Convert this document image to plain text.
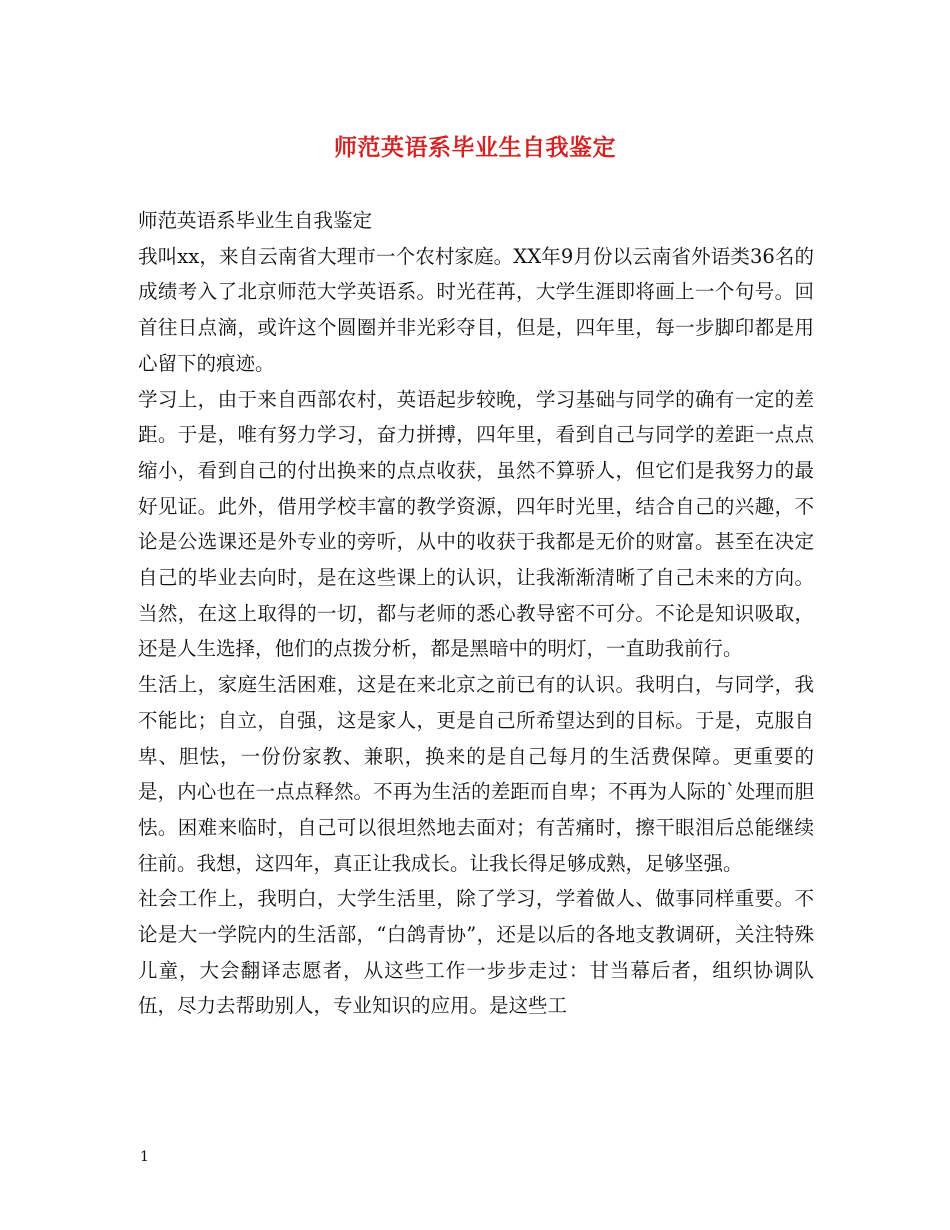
师范英语系毕业生自我鉴定

师范英语系毕业生自我鉴定

我叫xx，来自云南省大理市一个农村家庭。XX年9月份以云南省外语类36名的成绩考入了北京师范大学英语系。时光荏苒，大学生涯即将画上一个句号。回首往日点滴，或许这个圆圈并非光彩夺目，但是，四年里，每一步脚印都是用心留下的痕迹。

学习上，由于来自西部农村，英语起步较晚，学习基础与同学的确有一定的差距。于是，唯有努力学习，奋力拼搏，四年里，看到自己与同学的差距一点点缩小，看到自己的付出换来的点点收获，虽然不算骄人，但它们是我努力的最好见证。此外，借用学校丰富的教学资源，四年时光里，结合自己的兴趣，不论是公选课还是外专业的旁听，从中的收获于我都是无价的财富。甚至在决定自己的毕业去向时，是在这些课上的认识，让我渐渐清晰了自己未来的方向。当然，在这上取得的一切，都与老师的悉心教导密不可分。不论是知识吸取，还是人生选择，他们的点拨分析，都是黑暗中的明灯，一直助我前行。

生活上，家庭生活困难，这是在来北京之前已有的认识。我明白，与同学，我不能比；自立，自强，这是家人，更是自己所希望达到的目标。于是，克服自卑、胆怯，一份份家教、兼职，换来的是自己每月的生活费保障。更重要的是，内心也在一点点释然。不再为生活的差距而自卑；不再为人际的`处理而胆怯。困难来临时，自己可以很坦然地去面对；有苦痛时，擦干眼泪后总能继续往前。我想，这四年，真正让我成长。让我长得足够成熟，足够坚强。

社会工作上，我明白，大学生活里，除了学习，学着做人、做事同样重要。不论是大一学院内的生活部，“白鸽青协”，还是以后的各地支教调研，关注特殊儿童，大会翻译志愿者，从这些工作一步步走过：甘当幕后者，组织协调队伍，尽力去帮助别人，专业知识的应用。是这些工

1
